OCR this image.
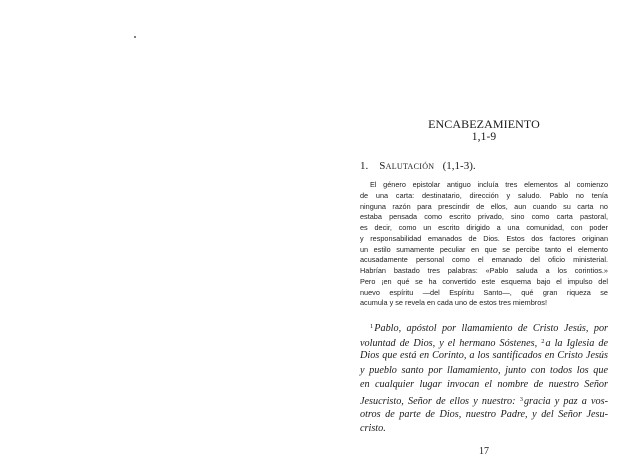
ENCABEZAMIENTO
1,1-9
1. Salutación (1,1-3).
El género epistolar antiguo incluía tres elementos al comienzo
de una carta: destinatario, dirección y saludo. Pablo no tenía
ninguna razón para prescindir de ellos, aun cuando su carta no
estaba pensada como escrito privado, sino como carta pastoral,
es decir, como un escrito dirigido a una comunidad, con poder
y responsabilidad emanados de Dios. Estos dos factores originan
un estilo sumamente peculiar en que se percibe tanto el elemento
acusadamente personal como el emanado del oficio ministerial.
Habrían bastado tres palabras: «Pablo saluda a los corintios.»
Pero ¡en qué se ha convertido este esquema bajo el impulso del
nuevo espíritu —del Espíritu Santo—, qué gran riqueza se
acumula y se revela en cada uno de estos tres miembros!
$^1$Pablo, apóstol por llamamiento de Cristo Jesús, por
voluntad de Dios, y el hermano Sóstenes, $^2$a la Iglesia de
Dios que está en Corinto, a los santificados en Cristo Jesús
y pueblo santo por llamamiento, junto con todos los que
en cualquier lugar invocan el nombre de nuestro Señor
Jesucristo, Señor de ellos y nuestro: $^3$gracia y paz a vos-
otros de parte de Dios, nuestro Padre, y del Señor Jesu-
cristo.
17
